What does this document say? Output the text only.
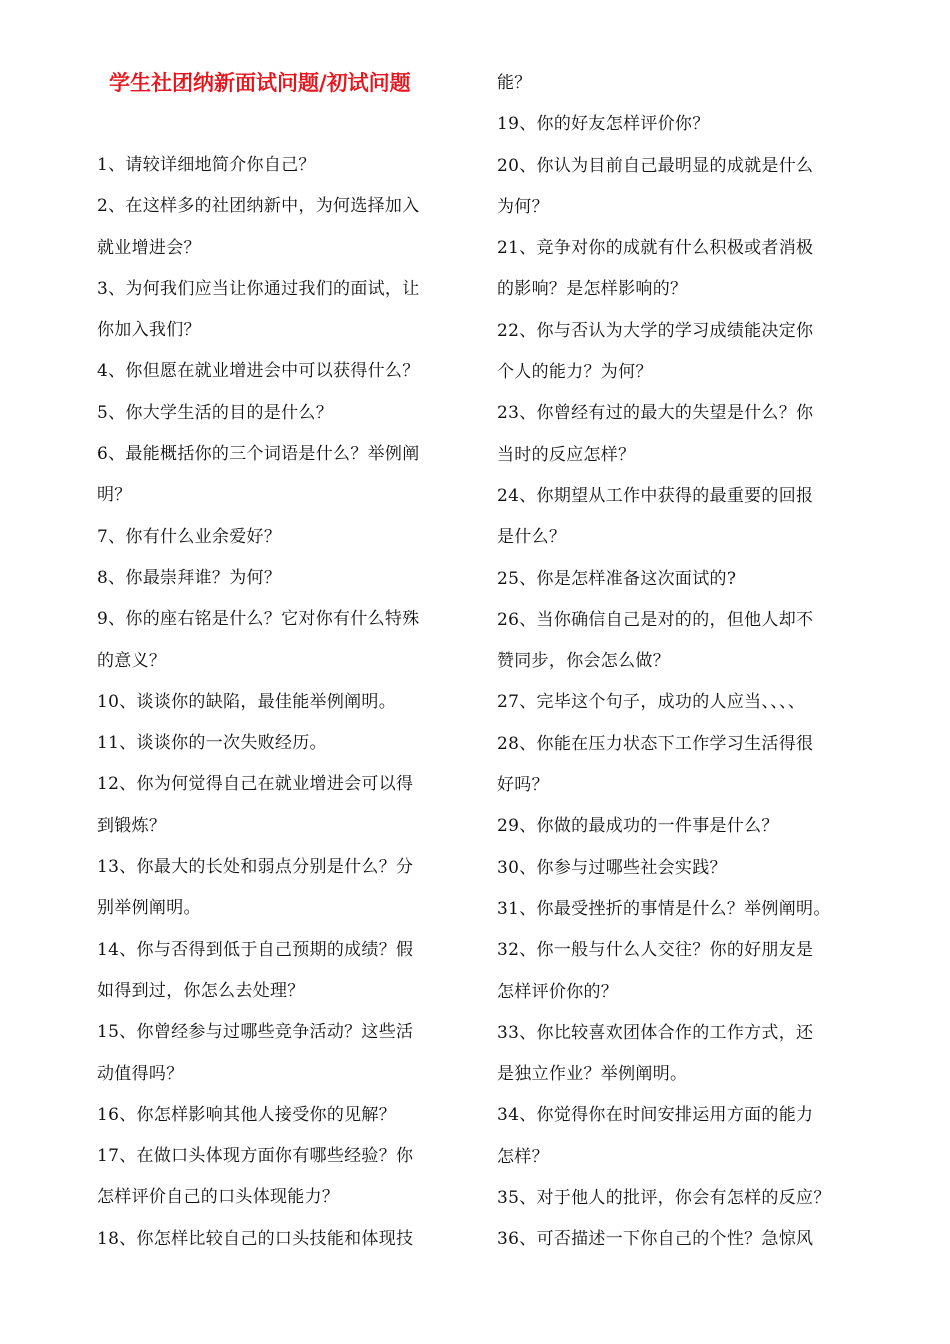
学生社团纳新面试问题/初试问题
1、请较详细地简介你自己？
2、在这样多的社团纳新中，为何选择加入
就业增进会？
3、为何我们应当让你通过我们的面试，让
你加入我们？
4、你但愿在就业增进会中可以获得什么？
5、你大学生活的目的是什么？
6、最能概括你的三个词语是什么？举例阐
明？
7、你有什么业余爱好？
8、你最崇拜谁？为何？
9、你的座右铭是什么？它对你有什么特殊
的意义？
10、谈谈你的缺陷，最佳能举例阐明。
11、谈谈你的一次失败经历。
12、你为何觉得自己在就业增进会可以得
到锻炼？
13、你最大的长处和弱点分别是什么？分
别举例阐明。
14、你与否得到低于自己预期的成绩？假
如得到过，你怎么去处理？
15、你曾经参与过哪些竞争活动？这些活
动值得吗？
16、你怎样影响其他人接受你的见解？
17、在做口头体现方面你有哪些经验？你
怎样评价自己的口头体现能力？
18、你怎样比较自己的口头技能和体现技
能？
19、你的好友怎样评价你？
20、你认为目前自己最明显的成就是什么
为何？
21、竞争对你的成就有什么积极或者消极
的影响？是怎样影响的？
22、你与否认为大学的学习成绩能决定你
个人的能力？为何？
23、你曾经有过的最大的失望是什么？你
当时的反应怎样？
24、你期望从工作中获得的最重要的回报
是什么？
25、你是怎样准备这次面试的?
26、当你确信自己是对的的，但他人却不
赞同步，你会怎么做？
27、完毕这个句子，成功的人应当、、、、
28、你能在压力状态下工作学习生活得很
好吗？
29、你做的最成功的一件事是什么？
30、你参与过哪些社会实践？
31、你最受挫折的事情是什么？举例阐明。
32、你一般与什么人交往？你的好朋友是
怎样评价你的？
33、你比较喜欢团体合作的工作方式，还
是独立作业？举例阐明。
34、你觉得你在时间安排运用方面的能力
怎样？
35、对于他人的批评，你会有怎样的反应？
36、可否描述一下你自己的个性？急惊风
